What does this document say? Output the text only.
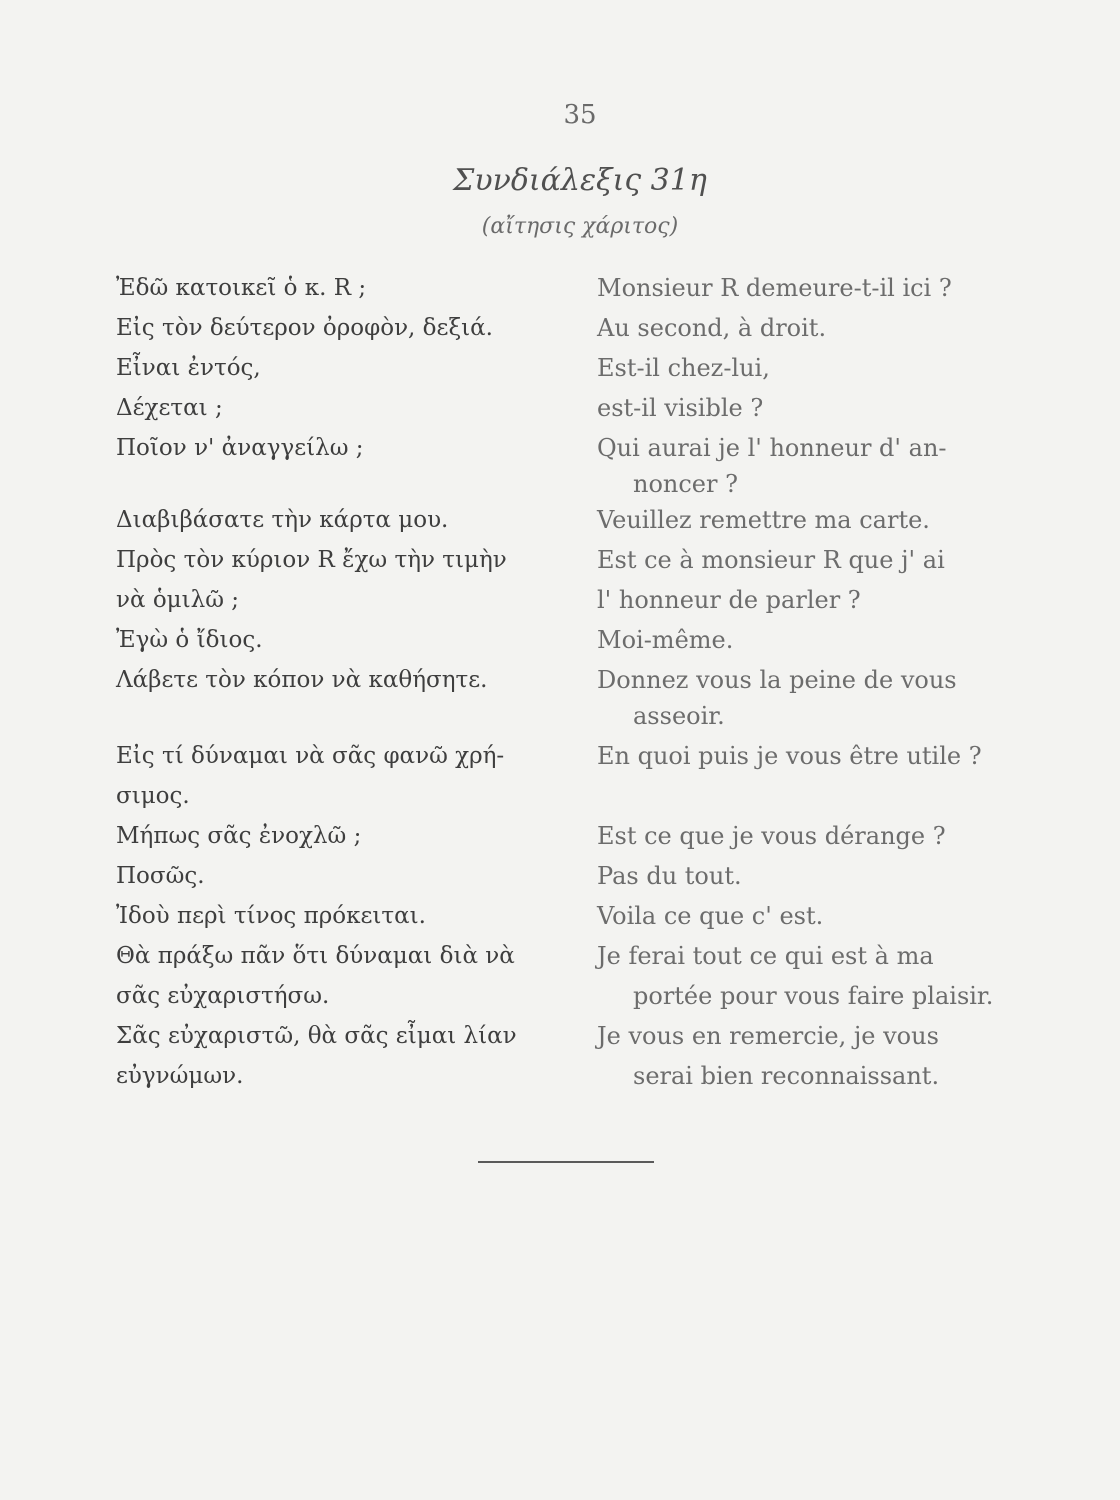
35
Συνδιάλεξις 31η
(αἴτησις χάριτος)
Ἐδῶ κατοικεῖ ὁ κ. R ;
Εἰς τὸν δεύτερον ὀροφὸν, δεξιά.
Εἶναι ἐντός,
Δέχεται ;
Ποῖον ν' ἀναγγείλω ;
Διαβιβάσατε τὴν κάρτα μου.
Πρὸς τὸν κύριον R ἔχω τὴν τιμὴν
νὰ ὁμιλῶ ;
Ἐγὼ ὁ ἴδιος.
Λάβετε τὸν κόπον νὰ καθήσητε.
Εἰς τί δύναμαι νὰ σᾶς φανῶ χρή-
σιμος.
Μήπως σᾶς ἐνοχλῶ ;
Ποσῶς.
Ἰδοὺ περὶ τίνος πρόκειται.
Θὰ πράξω πᾶν ὅτι δύναμαι διὰ νὰ
σᾶς εὐχαριστήσω.
Σᾶς εὐχαριστῶ, θὰ σᾶς εἶμαι λίαν
εὐγνώμων.
Monsieur R demeure-t-il ici ?
Au second, à droit.
Est-il chez-lui,
est-il visible ?
Qui aurai je l' honneur d' an-
noncer ?
Veuillez remettre ma carte.
Est ce à monsieur R que j' ai
l' honneur de parler ?
Moi-même.
Donnez vous la peine de vous
asseoir.
En quoi puis je vous être utile ?
Est ce que je vous dérange ?
Pas du tout.
Voila ce que c' est.
Je ferai tout ce qui est à ma
portée pour vous faire plaisir.
Je vous en remercie, je vous
serai bien reconnaissant.
